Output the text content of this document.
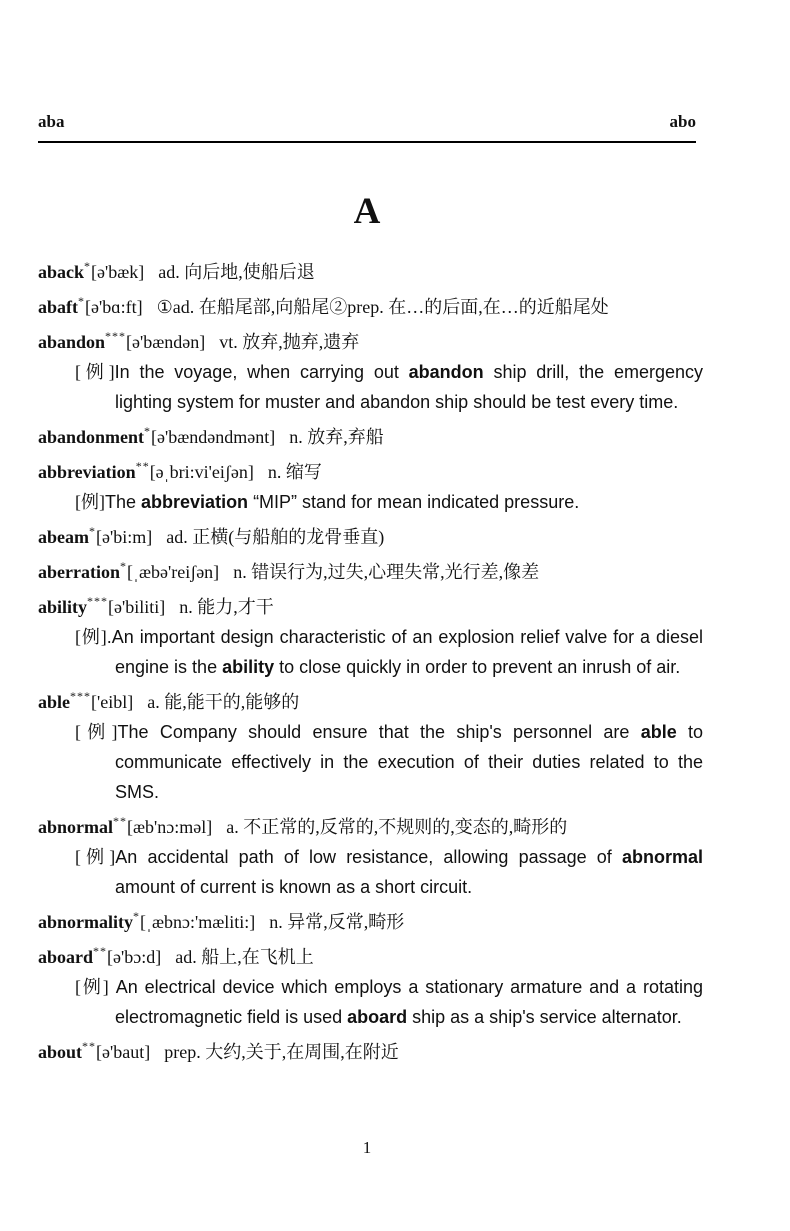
aba	abo
A
aback*[ə'bæk] ad. 向后地,使船后退
abaft*[ə'bɑ:ft] ①ad. 在船尾部,向船尾②prep. 在…的后面,在…的近船尾处
abandon***[ə'bændən] vt. 放弃,抛弃,遗弃
[例]In the voyage, when carrying out abandon ship drill, the emergency lighting system for muster and abandon ship should be test every time.
abandonment*[ə'bændəndmənt] n. 放弃,弃船
abbreviation**[əˌbri:vi'eiʃən] n. 缩写
[例]The abbreviation “MIP” stand for mean indicated pressure.
abeam*[ə'bi:m] ad. 正横(与船舶的龙骨垂直)
aberration*[ˌæbə'reiʃən] n. 错误行为,过失,心理失常,光行差,像差
ability***[ə'biliti] n. 能力,才干
[例].An important design characteristic of an explosion relief valve for a diesel engine is the ability to close quickly in order to prevent an inrush of air.
able***['eibl] a. 能,能干的,能够的
[例]The Company should ensure that the ship's personnel are able to communicate effectively in the execution of their duties related to the SMS.
abnormal**[æb'nɔ:məl] a. 不正常的,反常的,不规则的,变态的,畸形的
[例]An accidental path of low resistance, allowing passage of abnormal amount of current is known as a short circuit.
abnormality*[ˌæbnɔ:'mæliti:] n. 异常,反常,畸形
aboard**[ə'bɔ:d] ad. 船上,在飞机上
[例] An electrical device which employs a stationary armature and a rotating electromagnetic field is used aboard ship as a ship's service alternator.
about**[ə'baut] prep. 大约,关于,在周围,在附近
1
